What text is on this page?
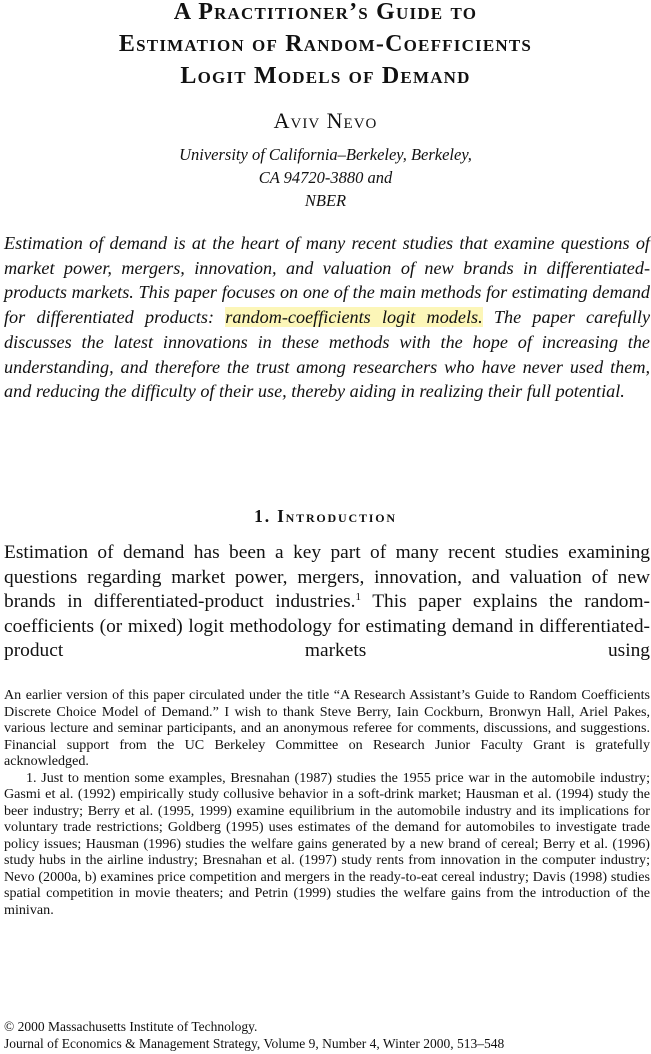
A Practitioner’s Guide to
Estimation of Random-Coefficients
Logit Models of Demand
Aviv Nevo
University of California–Berkeley, Berkeley,
CA 94720-3880 and
NBER
Estimation of demand is at the heart of many recent studies that examine questions of market power, mergers, innovation, and valuation of new brands in differentiated-products markets. This paper focuses on one of the main methods for estimating demand for differentiated products: random-coefficients logit models. The paper carefully discusses the latest innovations in these methods with the hope of increasing the understanding, and therefore the trust among researchers who have never used them, and reducing the difficulty of their use, thereby aiding in realizing their full potential.
1. Introduction
Estimation of demand has been a key part of many recent studies examining questions regarding market power, mergers, innovation, and valuation of new brands in differentiated-product industries.$^1$ This paper explains the random-coefficients (or mixed) logit methodology for estimating demand in differentiated-product markets using

An earlier version of this paper circulated under the title “A Research Assistant’s Guide to Random Coefficients Discrete Choice Model of Demand.” I wish to thank Steve Berry, Iain Cockburn, Bronwyn Hall, Ariel Pakes, various lecture and seminar participants, and an anonymous referee for comments, discussions, and suggestions. Financial support from the UC Berkeley Committee on Research Junior Faculty Grant is gratefully acknowledged.

1. Just to mention some examples, Bresnahan (1987) studies the 1955 price war in the automobile industry; Gasmi et al. (1992) empirically study collusive behavior in a soft-drink market; Hausman et al. (1994) study the beer industry; Berry et al. (1995, 1999) examine equilibrium in the automobile industry and its implications for voluntary trade restrictions; Goldberg (1995) uses estimates of the demand for automobiles to investigate trade policy issues; Hausman (1996) studies the welfare gains generated by a new brand of cereal; Berry et al. (1996) study hubs in the airline industry; Bresnahan et al. (1997) study rents from innovation in the computer industry; Nevo (2000a, b) examines price competition and mergers in the ready-to-eat cereal industry; Davis (1998) studies spatial competition in movie theaters; and Petrin (1999) studies the welfare gains from the introduction of the minivan.

© 2000 Massachusetts Institute of Technology.
Journal of Economics & Management Strategy, Volume 9, Number 4, Winter 2000, 513–548
